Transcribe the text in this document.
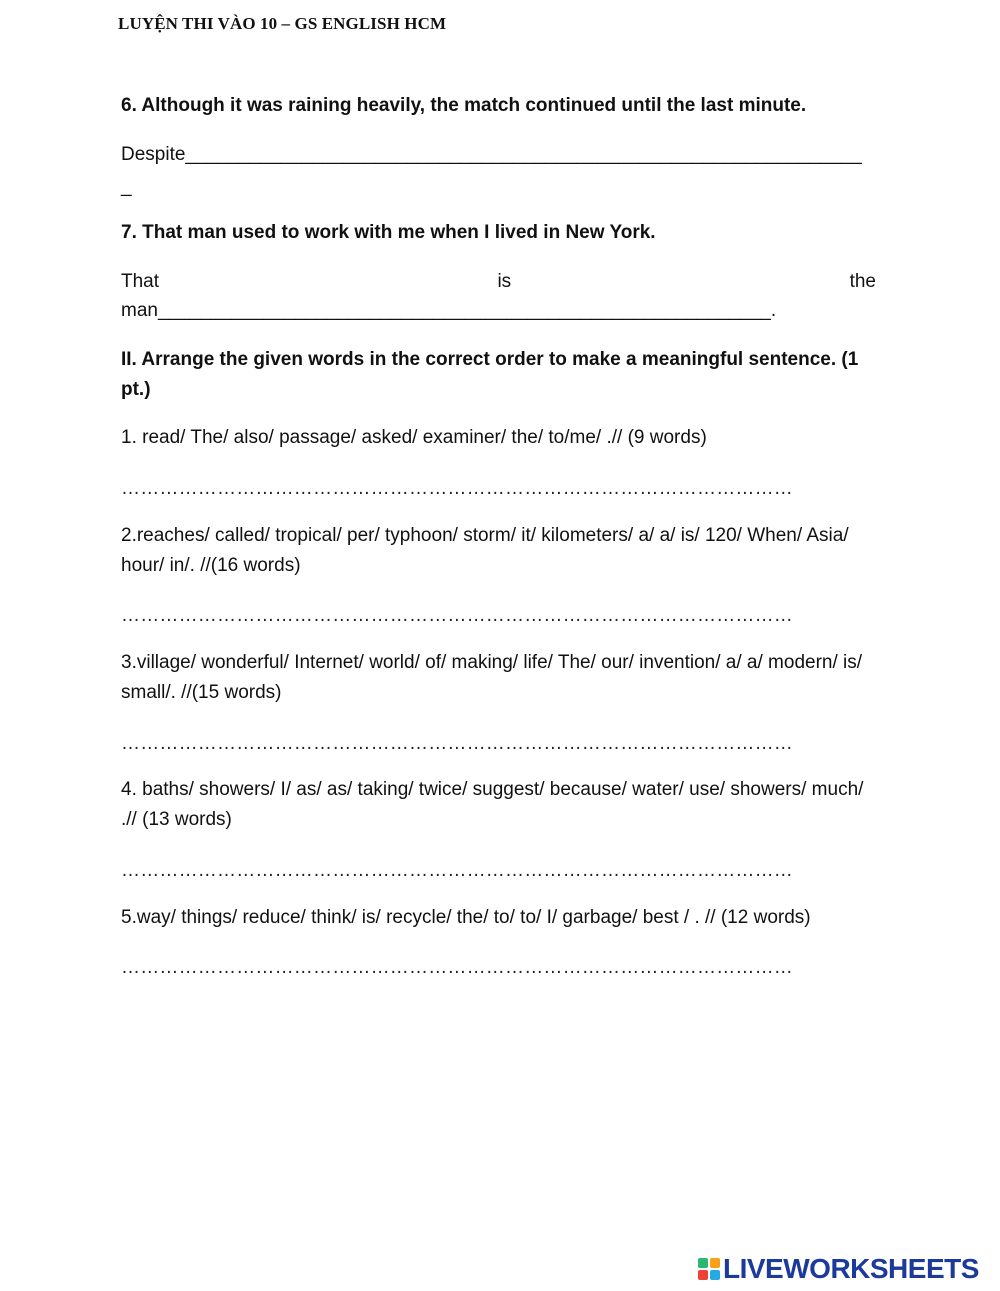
LUYỆN THI VÀO 10 – GS ENGLISH HCM
6. Although it was raining heavily, the match continued until the last minute.
Despite________________________________________________________________
_
7. That man used to work with me when I lived in New York.
That	is	the
man__________________________________________________________.
II. Arrange the given words in the correct order to make a meaningful sentence. (1 pt.)
1. read/ The/ also/ passage/ asked/ examiner/ the/ to/me/ .// (9 words)
……………………………………………………………………………………………
2.reaches/ called/ tropical/ per/ typhoon/ storm/ it/ kilometers/ a/ a/ is/ 120/ When/ Asia/ hour/ in/. //(16 words)
……………………………………………………………………………………………
3.village/ wonderful/ Internet/ world/ of/ making/ life/ The/ our/ invention/ a/ a/ modern/ is/ small/. //(15 words)
……………………………………………………………………………………………
4. baths/ showers/ I/ as/ as/ taking/ twice/ suggest/ because/ water/ use/ showers/ much/ .// (13 words)
……………………………………………………………………………………………
5.way/ things/ reduce/ think/ is/ recycle/ the/ to/ to/ I/ garbage/ best / . // (12 words)
……………………………………………………………………………………………
LIVEWORKSHEETS
